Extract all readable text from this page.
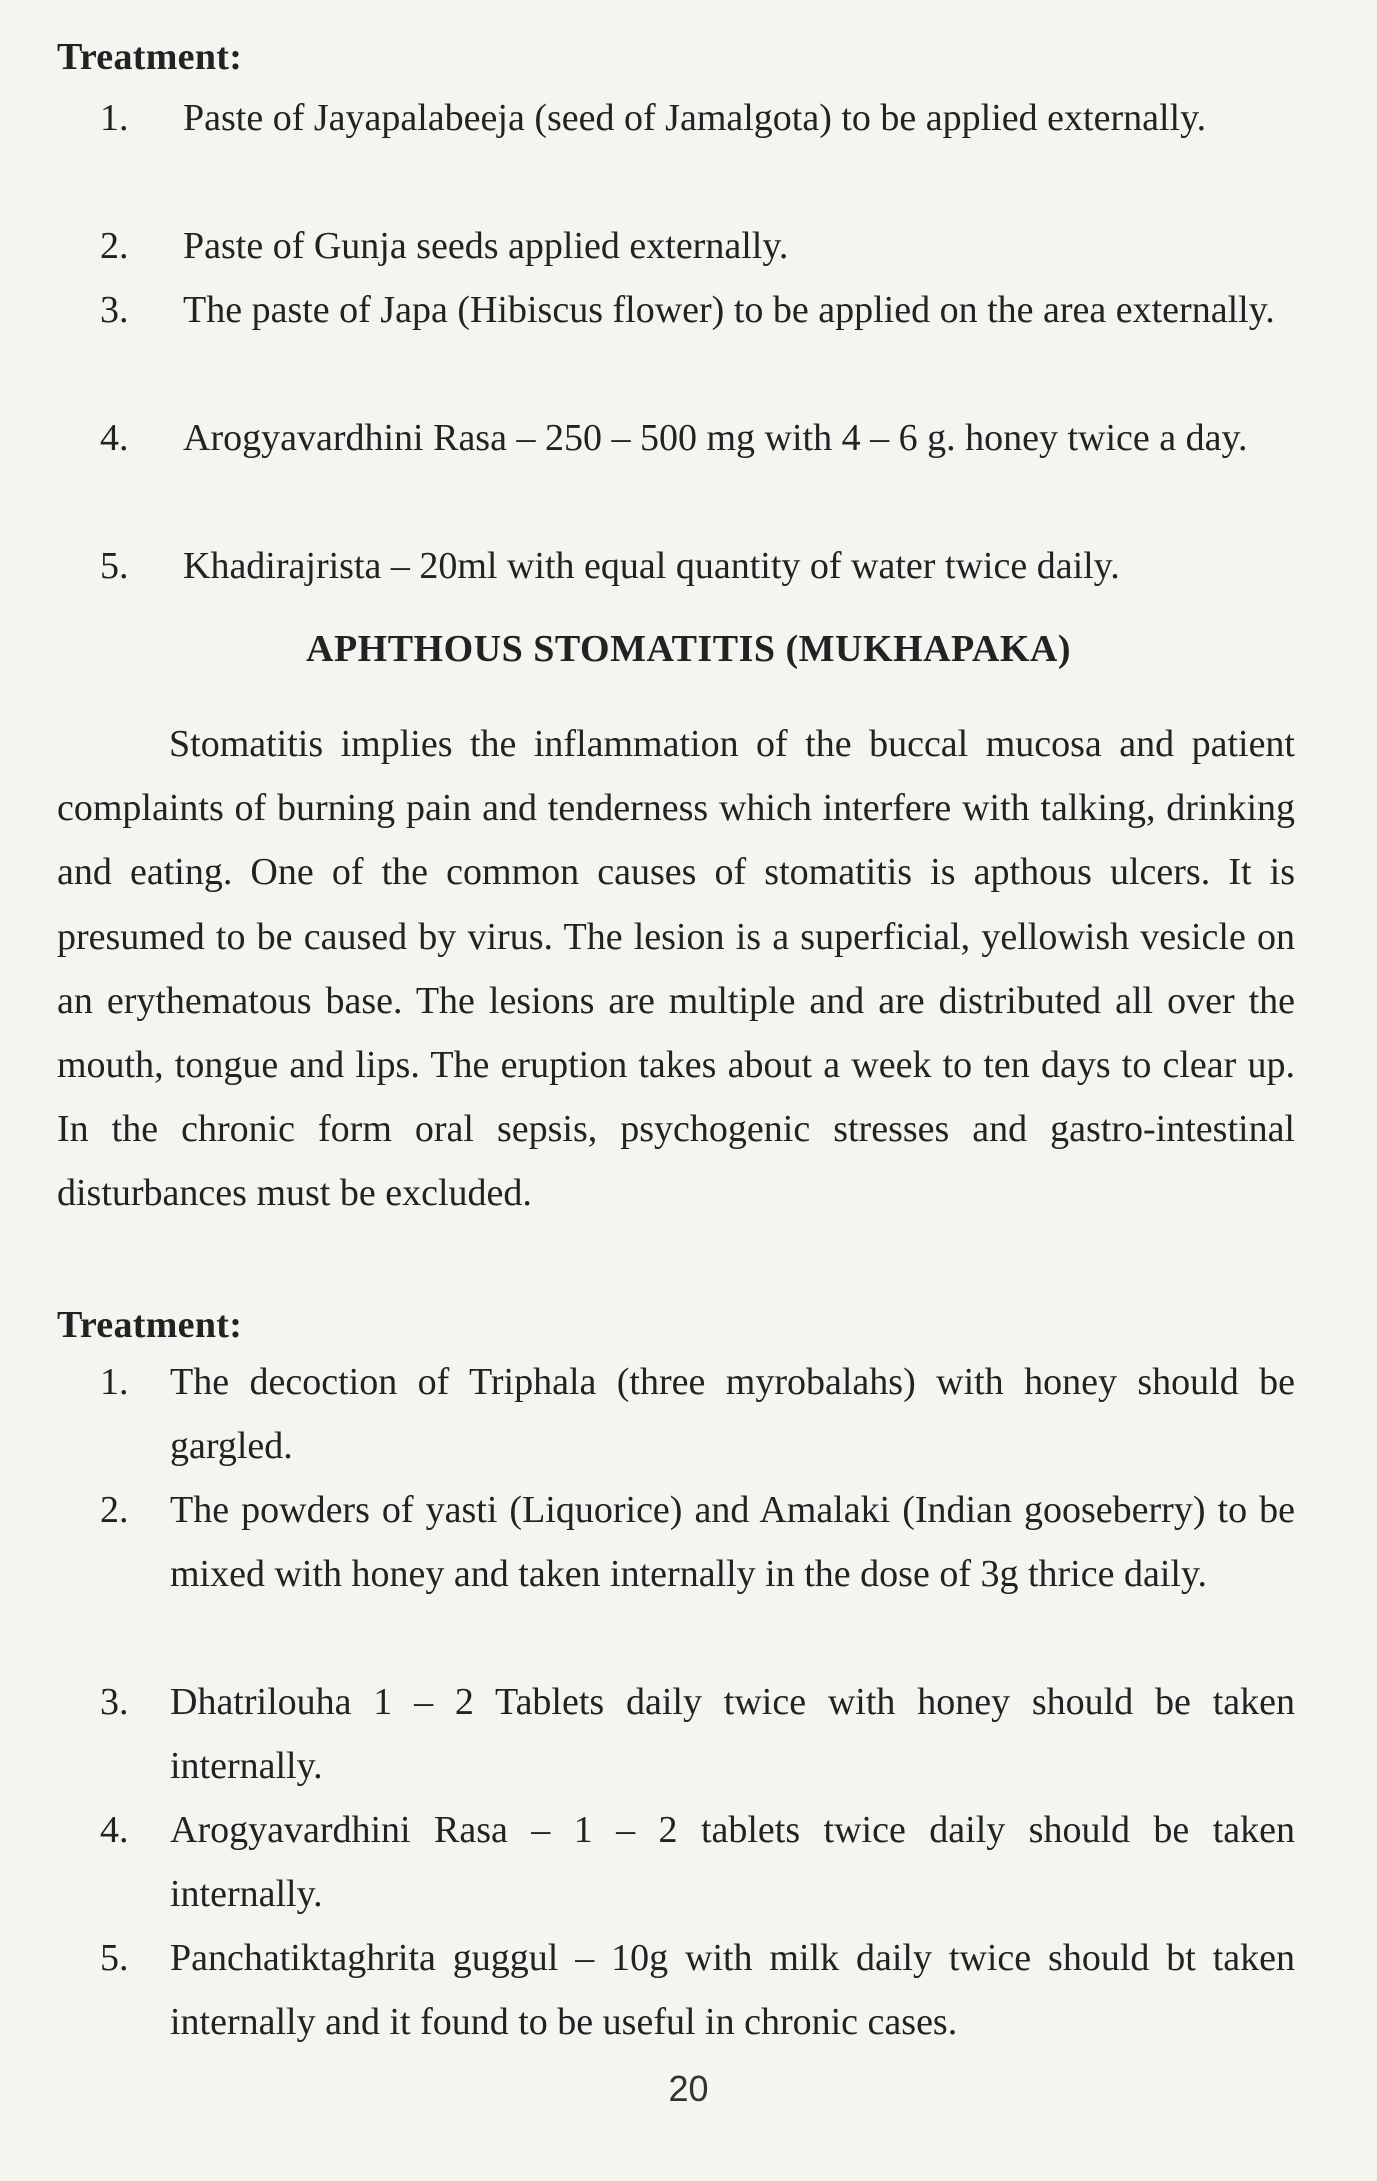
Treatment:
1. Paste of Jayapalabeeja (seed of Jamalgota) to be applied externally.
2. Paste of Gunja seeds applied externally.
3. The paste of Japa (Hibiscus flower) to be applied on the area externally.
4. Arogyavardhini Rasa – 250 – 500 mg with 4 – 6 g. honey twice a day.
5. Khadirajrista – 20ml with equal quantity of water twice daily.
APHTHOUS STOMATITIS (MUKHAPAKA)

Stomatitis implies the inflammation of the buccal mucosa and patient complaints of burning pain and tenderness which interfere with talking, drinking and eating. One of the common causes of stomatitis is apthous ulcers. It is presumed to be caused by virus. The lesion is a superficial, yellowish vesicle on an erythematous base. The lesions are multiple and are distributed all over the mouth, tongue and lips. The eruption takes about a week to ten days to clear up. In the chronic form oral sepsis, psychogenic stresses and gastro-intestinal disturbances must be excluded.

Treatment:
1. The decoction of Triphala (three myrobalahs) with honey should be gargled.
2. The powders of yasti (Liquorice) and Amalaki (Indian gooseberry) to be mixed with honey and taken internally in the dose of 3g thrice daily.
3. Dhatrilouha 1 – 2 Tablets daily twice with honey should be taken internally.
4. Arogyavardhini Rasa – 1 – 2 tablets twice daily should be taken internally.
5. Panchatiktaghrita guggul – 10g with milk daily twice should bt taken internally and it found to be useful in chronic cases.
20
